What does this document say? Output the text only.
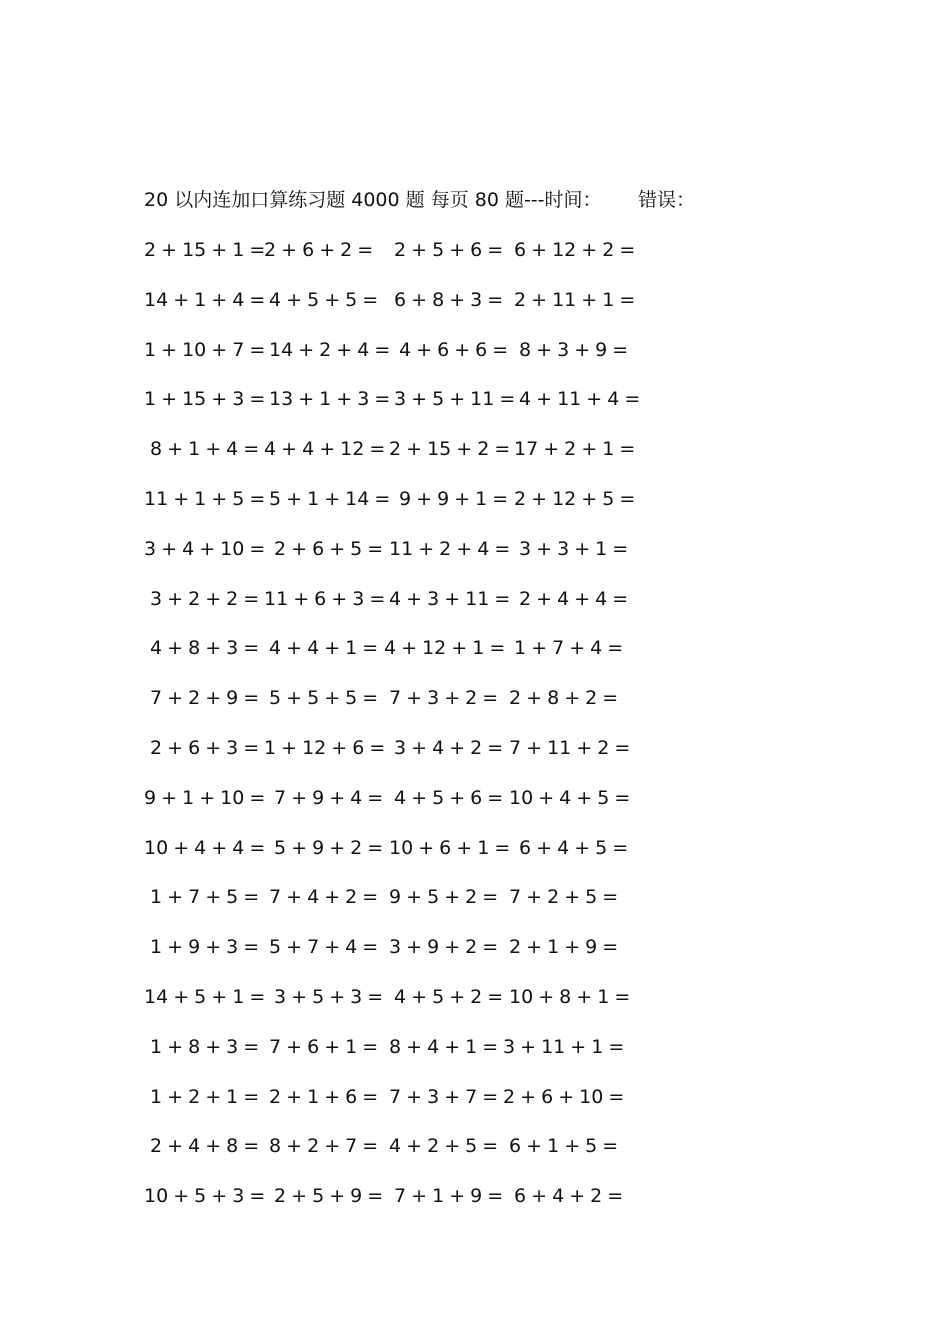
20 以内连加口算练习题 4000 题 每页 80 题---时间： 错误：
2 + 15 + 1 =
2 + 6 + 2 = 2 + 5 + 6 = 6 + 12 + 2 =
14 + 1 + 4 = 4 + 5 + 5 = 6 + 8 + 3 = 2 + 11 + 1 =
1 + 10 + 7 = 14 + 2 + 4 = 4 + 6 + 6 = 8 + 3 + 9 =
1 + 15 + 3 = 13 + 1 + 3 = 3 + 5 + 11 = 4 + 11 + 4 =
8 + 1 + 4 = 4 + 4 + 12 = 2 + 15 + 2 = 17 + 2 + 1 =
11 + 1 + 5 = 5 + 1 + 14 = 9 + 9 + 1 = 2 + 12 + 5 =
3 + 4 + 10 = 2 + 6 + 5 = 11 + 2 + 4 = 3 + 3 + 1 =
3 + 2 + 2 = 11 + 6 + 3 = 4 + 3 + 11 = 2 + 4 + 4 =
4 + 8 + 3 = 4 + 4 + 1 = 4 + 12 + 1 = 1 + 7 + 4 =
7 + 2 + 9 = 5 + 5 + 5 = 7 + 3 + 2 = 2 + 8 + 2 =
2 + 6 + 3 = 1 + 12 + 6 = 3 + 4 + 2 = 7 + 11 + 2 =
9 + 1 + 10 = 7 + 9 + 4 = 4 + 5 + 6 = 10 + 4 + 5 =
10 + 4 + 4 = 5 + 9 + 2 = 10 + 6 + 1 = 6 + 4 + 5 =
1 + 7 + 5 = 7 + 4 + 2 = 9 + 5 + 2 = 7 + 2 + 5 =
1 + 9 + 3 = 5 + 7 + 4 = 3 + 9 + 2 = 2 + 1 + 9 =
14 + 5 + 1 = 3 + 5 + 3 = 4 + 5 + 2 = 10 + 8 + 1 =
1 + 8 + 3 = 7 + 6 + 1 = 8 + 4 + 1 = 3 + 11 + 1 =
1 + 2 + 1 = 2 + 1 + 6 = 7 + 3 + 7 = 2 + 6 + 10 =
2 + 4 + 8 = 8 + 2 + 7 = 4 + 2 + 5 = 6 + 1 + 5 =
10 + 5 + 3 = 2 + 5 + 9 = 7 + 1 + 9 = 6 + 4 + 2 =
